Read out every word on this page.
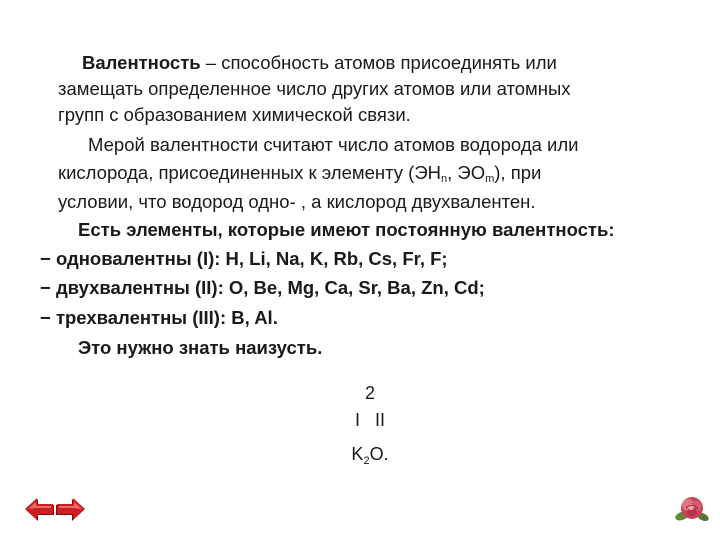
Валентность – способность атомов присоединять или
замещать определенное число других атомов или атомных
групп с образованием химической связи.
Мерой валентности считают число атомов водорода или
кислорода, присоединенных к элементу ($ЭН_n$, $ЭО_m$), при
условии, что водород одно- , а кислород двухвалентен.
Есть элементы, которые имеют постоянную валентность:
− одновалентны (I): H, Li, Na, K, Rb, Cs, Fr, F;
− двухвалентны (II): O, Be, Mg, Ca, Sr, Ba, Zn, Cd;
− трехвалентны (III): B, Al.
Это нужно знать наизусть.
2
I   II
$K_2O$.
